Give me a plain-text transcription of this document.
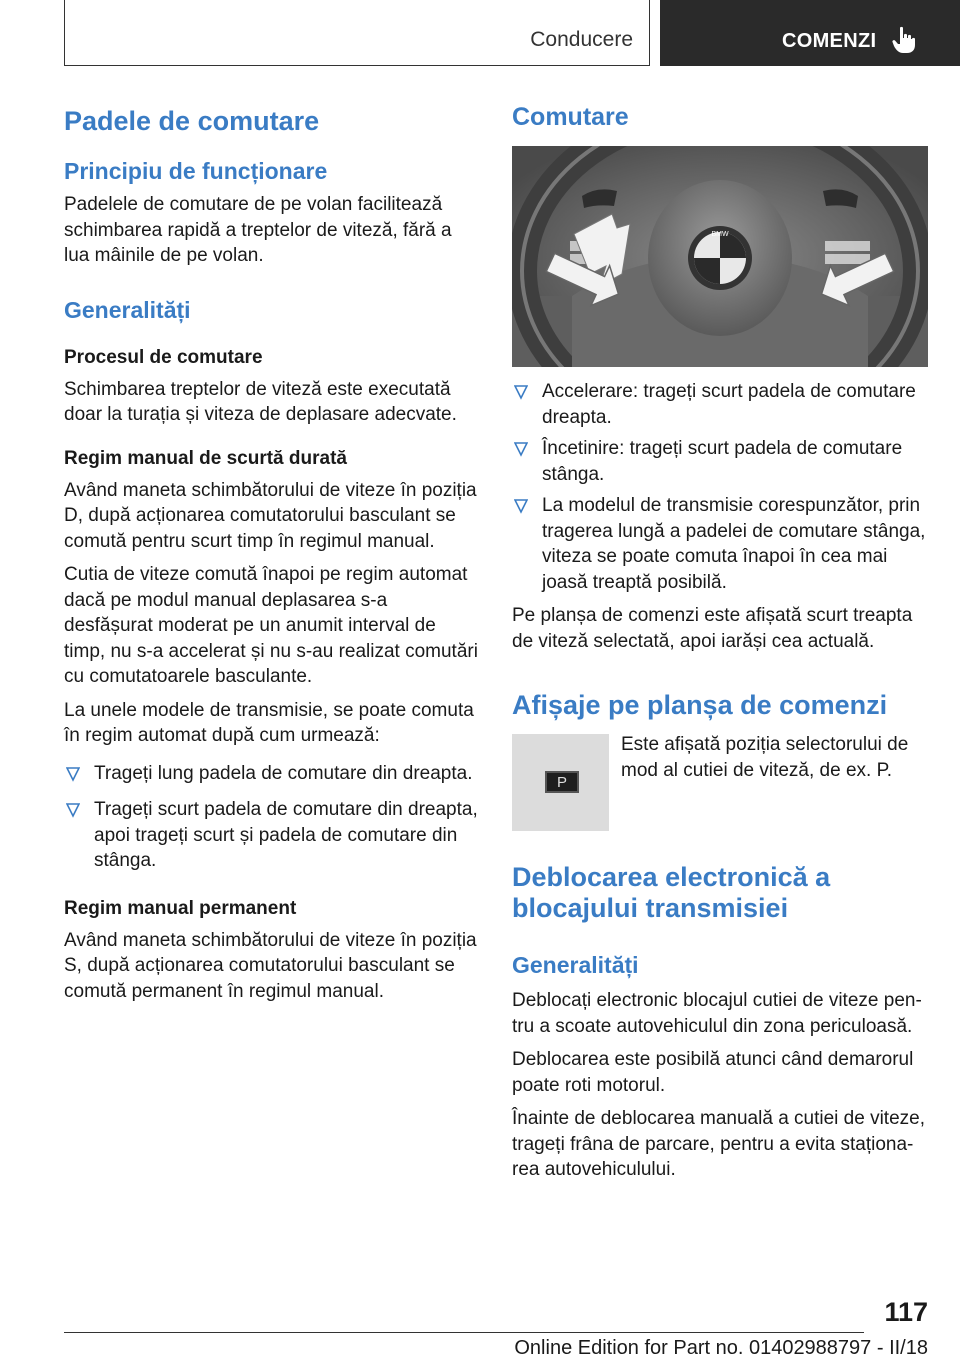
Conducere	COMENZI
Padele de comutare
Principiu de funcționare

Padelele de comutare de pe volan facilitează schimbarea rapidă a treptelor de viteză, fără a lua mâinile de pe volan.

Generalități
Procesul de comutare

Schimbarea treptelor de viteză este executată doar la turația și viteza de deplasare adecvate.

Regim manual de scurtă durată

Având maneta schimbătorului de viteze în poziția D, după acționarea comutatorului basculant se comută pentru scurt timp în regimul manual.

Cutia de viteze comută înapoi pe regim automat dacă pe modul manual deplasarea s-a desfășurat moderat pe un anumit interval de timp, nu s-a accelerat și nu s-au realizat comutări cu comutatoarele basculante.

La unele modele de transmisie, se poate comuta în regim automat după cum urmează:

Trageți lung padela de comutare din dreapta.
Trageți scurt padela de comutare din dreapta, apoi trageți scurt și padela de comutare din stânga.
Regim manual permanent

Având maneta schimbătorului de viteze în poziția S, după acționarea comutatorului basculant se comută permanent în regimul manual.

Comutare
BMW
Accelerare: trageți scurt padela de comutare dreapta.
Încetinire: trageți scurt padela de comutare stânga.
La modelul de transmisie corespunzător, prin tragerea lungă a padelei de comutare stânga, viteza se poate comuta înapoi în cea mai joasă treaptă posibilă.

Pe planșa de comenzi este afișată scurt treapta de viteză selectată, apoi iarăși cea actuală.

Afișaje pe planșa de comenzi
P

Este afișată poziția selectorului de mod al cutiei de viteză, de ex. P.

Deblocarea electronică a blocajului transmisiei
Generalități

Deblocați electronic blocajul cutiei de viteze pentru a scoate autovehiculul din zona periculoasă.

Deblocarea este posibilă atunci când demarorul poate roti motorul.

Înainte de deblocarea manuală a cutiei de viteze, trageți frâna de parcare, pentru a evita staționarea autovehiculului.

117
Online Edition for Part no. 01402988797 - II/18
